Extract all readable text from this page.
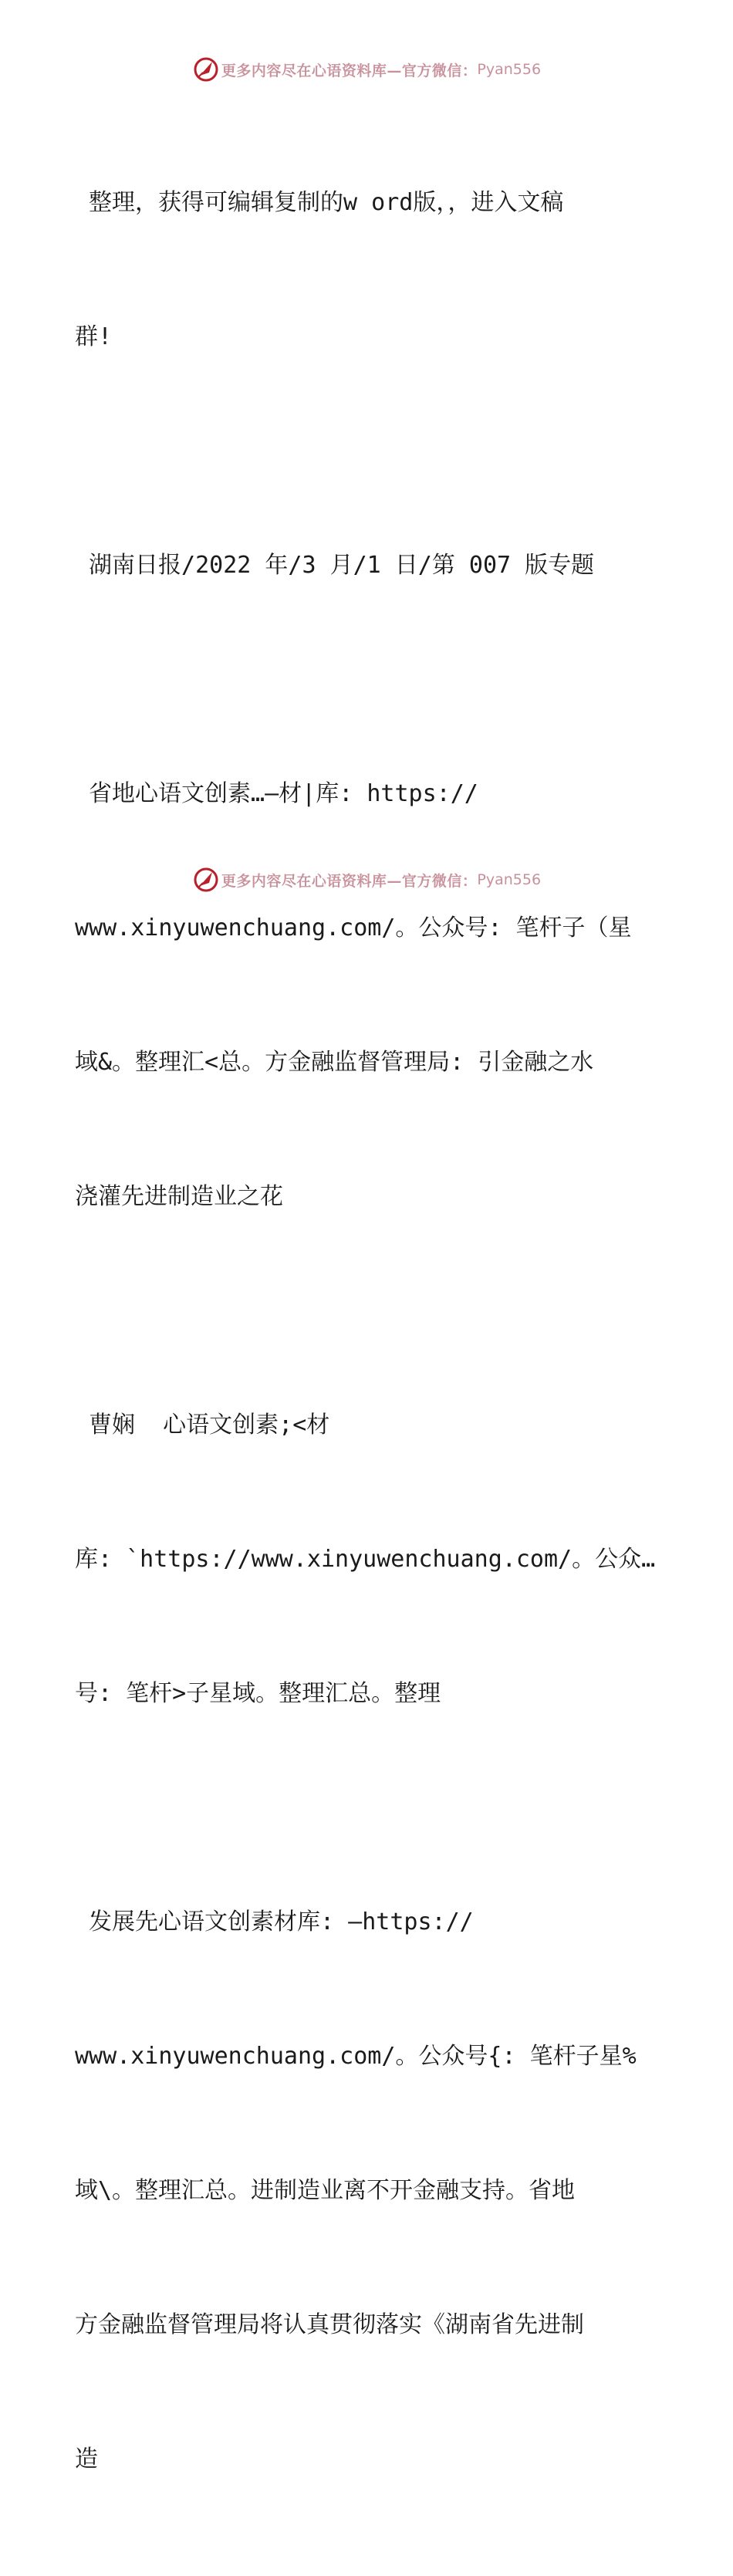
更多内容尽在心语资料库—官方微信： Pyan556

整理，获得可编辑复制的w ord版，，进入文稿

群!

湖南日报/2022 年/3 月/1 日/第 007 版专题

省地心语文创素…—材|库: https://

www.xinyuwenchuang.com/。公众号: 笔杆子（星

域&。整理汇<总。方金融监督管理局: 引金融之水

浇灌先进制造业之花

曹娴  心语文创素;<材

库: `https://www.xinyuwenchuang.com/。公众…

号: 笔杆>子星域。整理汇总。整理

发展先心语文创素材库: —https://

www.xinyuwenchuang.com/。公众号{: 笔杆子星%

域\。整理汇总。进制造业离不开金融支持。省地

方金融监督管理局将认真贯彻落实《湖南省先进制

造

更多内容尽在心语资料库—官方微信： Pyan556
